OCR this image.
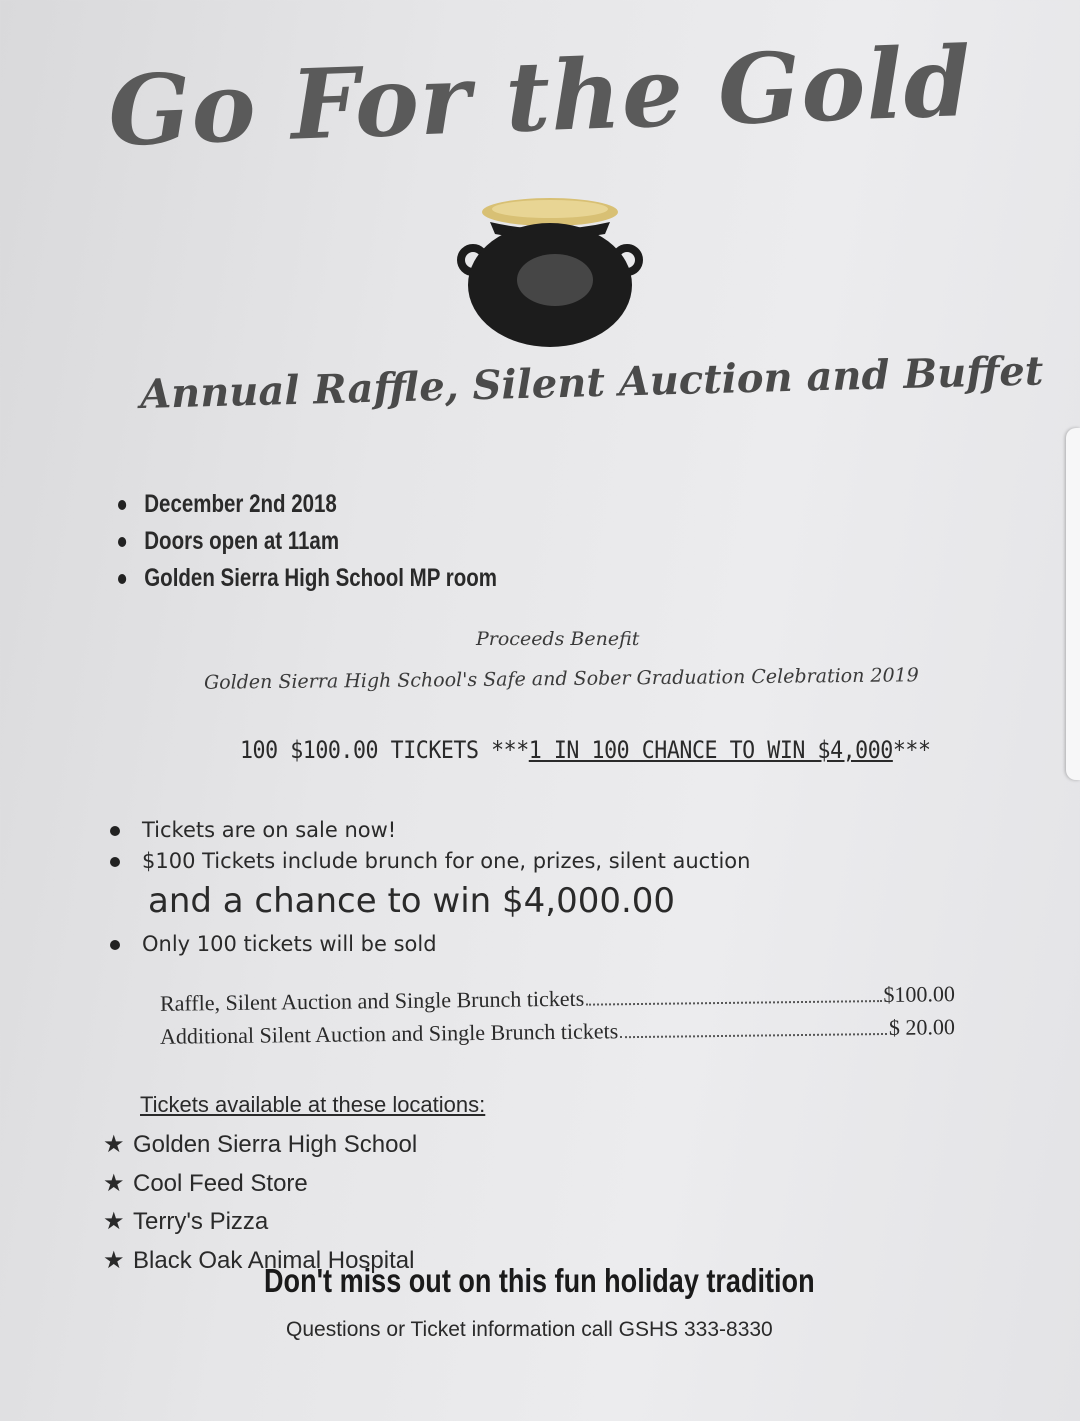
Go For the Gold
Annual Raffle, Silent Auction and Buffet
December 2nd 2018
Doors open at 11am
Golden Sierra High School MP room
Proceeds Benefit
Golden Sierra High School's Safe and Sober Graduation Celebration 2019
100 $100.00 TICKETS ***1 IN 100 CHANCE TO WIN $4,000***
Tickets are on sale now!
$100 Tickets include brunch for one, prizes, silent auction
and a chance to win $4,000.00
Only 100 tickets will be sold
Raffle, Silent Auction and Single Brunch tickets	$100.00
Additional Silent Auction and Single Brunch tickets	$ 20.00
Tickets available at these locations:
★ Golden Sierra High School
★ Cool Feed Store
★ Terry's Pizza
★ Black Oak Animal Hospital
Don't miss out on this fun holiday tradition
Questions or Ticket information call GSHS 333-8330
